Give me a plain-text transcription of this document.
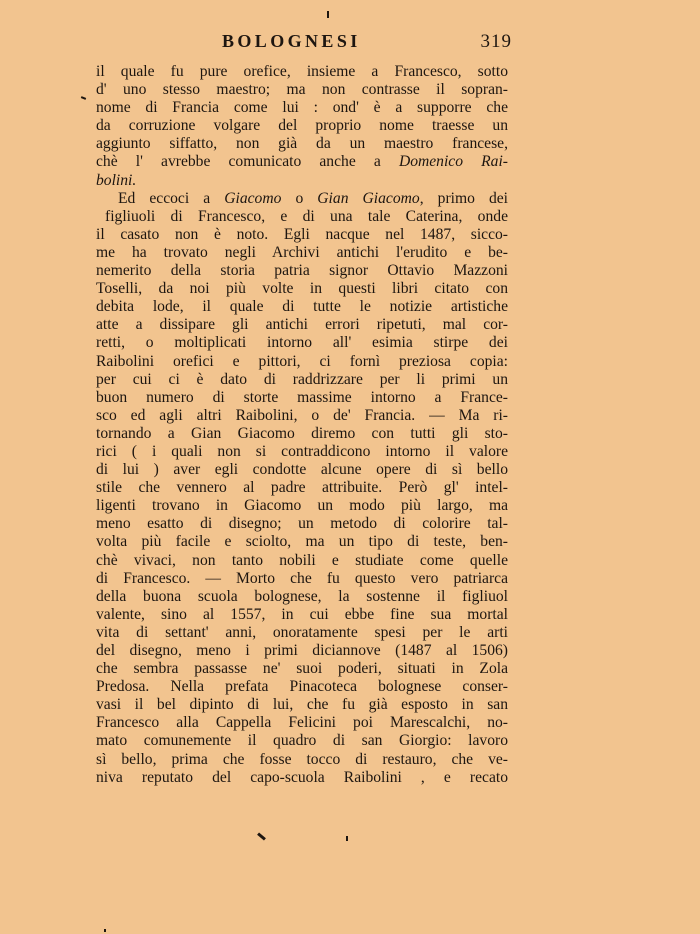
BOLOGNESI	319
il quale fu pure orefice, insieme a Francesco, sotto
d' uno stesso maestro; ma non contrasse il sopran-
nome di Francia come lui : ond' è a supporre che
da corruzione volgare del proprio nome traesse un
aggiunto siffatto, non già da un maestro francese,
chè l' avrebbe comunicato anche a Domenico Rai-
bolini.
Ed eccoci a Giacomo o Gian Giacomo, primo dei
figliuoli di Francesco, e di una tale Caterina, onde
il casato non è noto. Egli nacque nel 1487, sicco-
me ha trovato negli Archivi antichi l'erudito e be-
nemerito della storia patria signor Ottavio Mazzoni
Toselli, da noi più volte in questi libri citato con
debita lode, il quale di tutte le notizie artistiche
atte a dissipare gli antichi errori ripetuti, mal cor-
retti, o moltiplicati intorno all' esimia stirpe dei
Raibolini orefici e pittori, ci fornì preziosa copia:
per cui ci è dato di raddrizzare per li primi un
buon numero di storte massime intorno a France-
sco ed agli altri Raibolini, o de' Francia. — Ma ri-
tornando a Gian Giacomo diremo con tutti gli sto-
rici ( i quali non si contraddicono intorno il valore
di lui ) aver egli condotte alcune opere di sì bello
stile che vennero al padre attribuite. Però gl' intel-
ligenti trovano in Giacomo un modo più largo, ma
meno esatto di disegno; un metodo di colorire tal-
volta più facile e sciolto, ma un tipo di teste, ben-
chè vivaci, non tanto nobili e studiate come quelle
di Francesco. — Morto che fu questo vero patriarca
della buona scuola bolognese, la sostenne il figliuol
valente, sino al 1557, in cui ebbe fine sua mortal
vita di settant' anni, onoratamente spesi per le arti
del disegno, meno i primi diciannove (1487 al 1506)
che sembra passasse ne' suoi poderi, situati in Zola
Predosa. Nella prefata Pinacoteca bolognese conser-
vasi il bel dipinto di lui, che fu già esposto in san
Francesco alla Cappella Felicini poi Marescalchi, no-
mato comunemente il quadro di san Giorgio: lavoro
sì bello, prima che fosse tocco di restauro, che ve-
niva reputato del capo-scuola Raibolini , e recato
